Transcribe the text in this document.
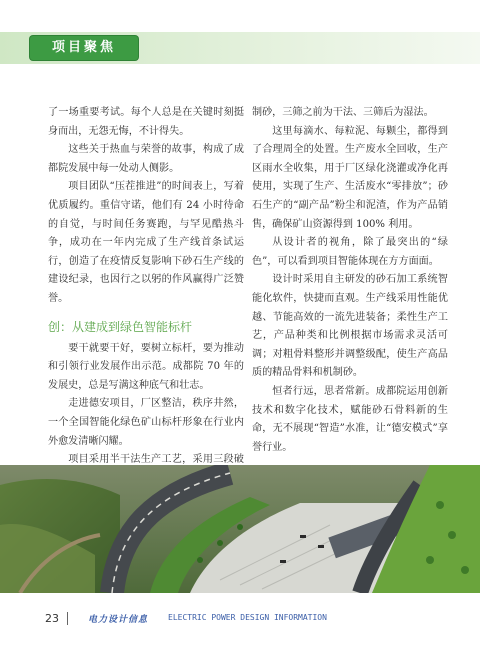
项目聚焦

了一场重要考试。每个人总是在关键时刻挺身而出，无怨无悔，不计得失。

这些关于热血与荣誉的故事，构成了成都院发展中每一处动人侧影。

项目团队“压茬推进”的时间表上，写着优质履约。重信守诺，他们有 24 小时待命的自觉，与时间任务赛跑，与罕见酷热斗争，成功在一年内完成了生产线首条试运行，创造了在疫情反复影响下砂石生产线的建设纪录，也因行之以躬的作风赢得广泛赞誉。

创：从建成到绿色智能标杆

要干就要干好，要树立标杆，要为推动和引领行业发展作出示范。成都院 70 年的发展史，总是写满这种底气和壮志。

走进德安项目，厂区整洁，秩序井然，一个全国智能化绿色矿山标杆形象在行业内外愈发清晰闪耀。

项目采用半干法生产工艺，采用三段破

制砂，三筛之前为干法、三筛后为湿法。

这里每滴水、每粒泥、每颗尘，都得到了合理周全的处置。生产废水全回收，生产区雨水全收集，用于厂区绿化浇灌或净化再使用，实现了生产、生活废水“零排放”；砂石生产的“副产品”粉尘和泥渣，作为产品销售，确保矿山资源得到 100% 利用。

从设计者的视角，除了最突出的“绿色”，可以看到项目智能体现在方方面面。

设计时采用自主研发的砂石加工系统智能化软件，快捷而直观。生产线采用性能优越、节能高效的一流先进装备；柔性生产工艺，产品种类和比例根据市场需求灵活可调；对粗骨料整形并调整级配，使生产高品质的精品骨料和机制砂。

恒者行远，思者常新。成都院运用创新技术和数字化技术，赋能砂石骨料新的生命，无不展现“智造”水准，让“德安模式”享誉行业。

23	电力设计信息 ELECTRIC POWER DESIGN INFORMATION
